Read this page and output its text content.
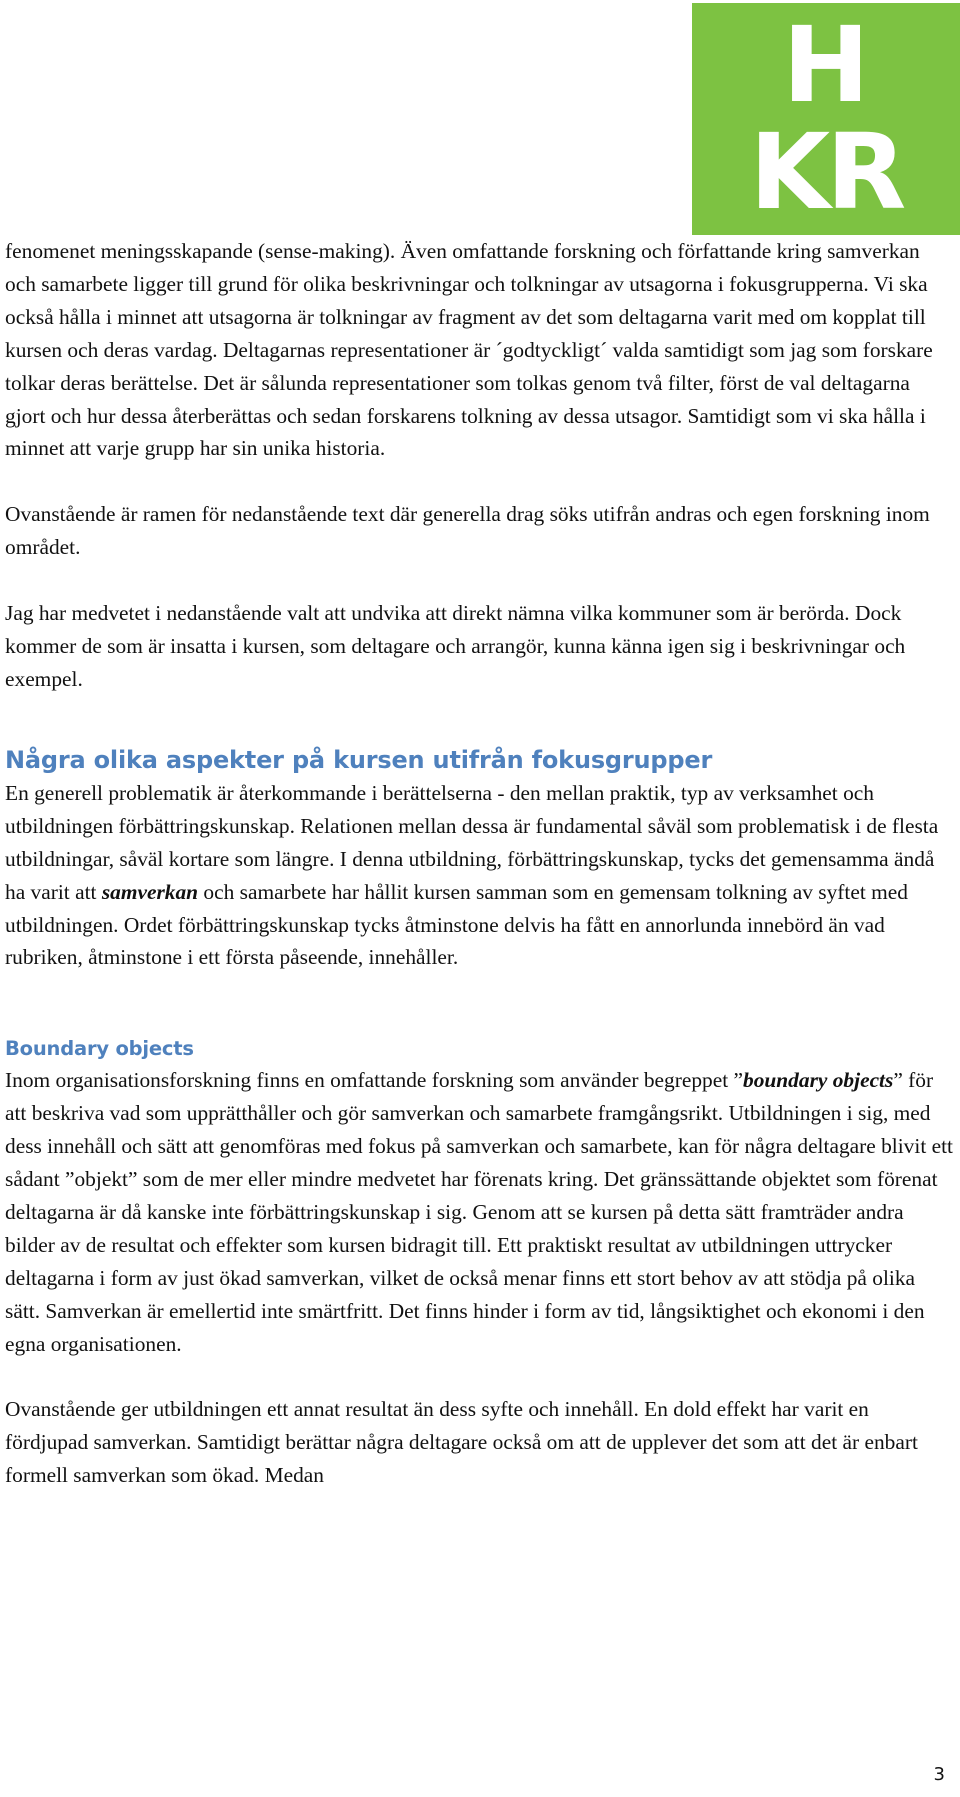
H
KR

fenomenet meningsskapande (sense-making). Även omfattande forskning och författande kring samverkan och samarbete ligger till grund för olika beskrivningar och tolkningar av utsagorna i fokusgrupperna. Vi ska också hålla i minnet att utsagorna är tolkningar av fragment av det som deltagarna varit med om kopplat till kursen och deras vardag. Deltagarnas representationer är ´godtyckligt´ valda samtidigt som jag som forskare tolkar deras berättelse. Det är sålunda representationer som tolkas genom två filter, först de val deltagarna gjort och hur dessa återberättas och sedan forskarens tolkning av dessa utsagor. Samtidigt som vi ska hålla i minnet att varje grupp har sin unika historia.

Ovanstående är ramen för nedanstående text där generella drag söks utifrån andras och egen forskning inom området.

Jag har medvetet i nedanstående valt att undvika att direkt nämna vilka kommuner som är berörda. Dock kommer de som är insatta i kursen, som deltagare och arrangör, kunna känna igen sig i beskrivningar och exempel.

Några olika aspekter på kursen utifrån fokusgrupper

En generell problematik är återkommande i berättelserna - den mellan praktik, typ av verksamhet och utbildningen förbättringskunskap. Relationen mellan dessa är fundamental såväl som problematisk i de flesta utbildningar, såväl kortare som längre. I denna utbildning, förbättringskunskap, tycks det gemensamma ändå ha varit att samverkan och samarbete har hållit kursen samman som en gemensam tolkning av syftet med utbildningen. Ordet förbättringskunskap tycks åtminstone delvis ha fått en annorlunda innebörd än vad rubriken, åtminstone i ett första påseende, innehåller.

Boundary objects

Inom organisationsforskning finns en omfattande forskning som använder begreppet ”boundary objects” för att beskriva vad som upprätthåller och gör samverkan och samarbete framgångsrikt. Utbildningen i sig, med dess innehåll och sätt att genomföras med fokus på samverkan och samarbete, kan för några deltagare blivit ett sådant ”objekt” som de mer eller mindre medvetet har förenats kring. Det gränssättande objektet som förenat deltagarna är då kanske inte förbättringskunskap i sig. Genom att se kursen på detta sätt framträder andra bilder av de resultat och effekter som kursen bidragit till. Ett praktiskt resultat av utbildningen uttrycker deltagarna i form av just ökad samverkan, vilket de också menar finns ett stort behov av att stödja på olika sätt. Samverkan är emellertid inte smärtfritt. Det finns hinder i form av tid, långsiktighet och ekonomi i den egna organisationen.

Ovanstående ger utbildningen ett annat resultat än dess syfte och innehåll. En dold effekt har varit en fördjupad samverkan. Samtidigt berättar några deltagare också om att de upplever det som att det är enbart formell samverkan som ökad. Medan

3
